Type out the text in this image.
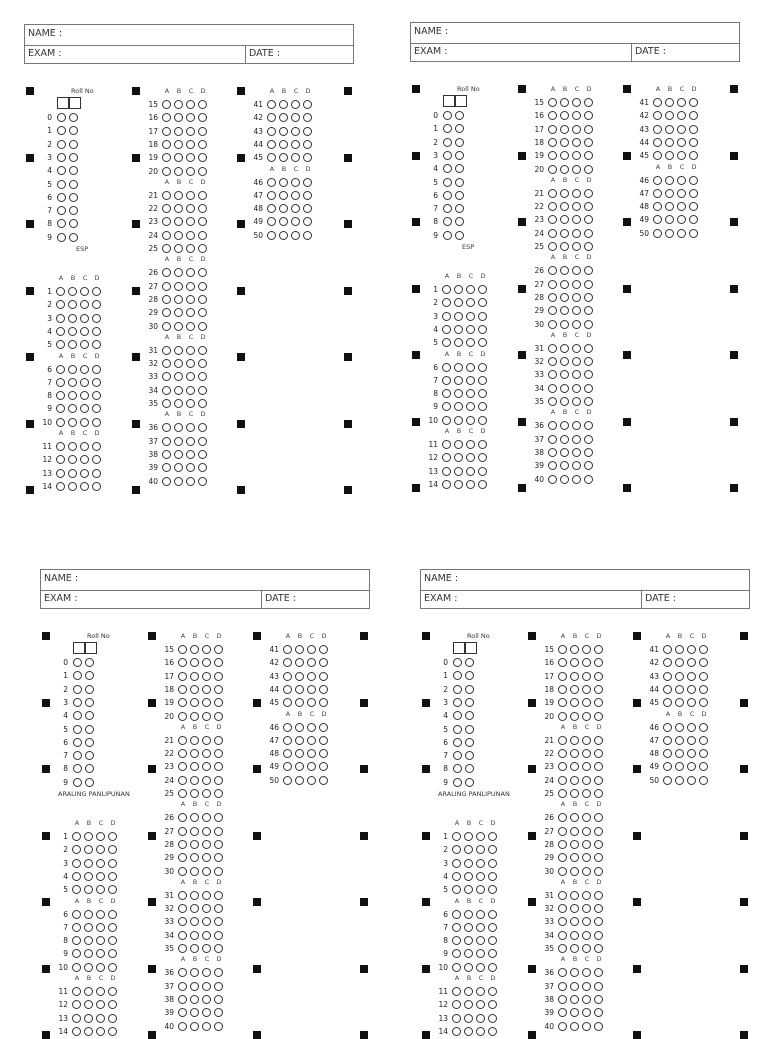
NAME :
EXAM :	DATE :
Roll No
0
1
2
3
4
5
6
7
8
9
ESP
A	B	C	D
1
2
3
4
5
A	B	C	D
6
7
8
9
10
A	B	C	D
11
12
13
14
A	B	C	D
15
16
17
18
19
20
A	B	C	D
21
22
23
24
25
A	B	C	D
26
27
28
29
30
A	B	C	D
31
32
33
34
35
A	B	C	D
36
37
38
39
40
A	B	C	D
41
42
43
44
45
A	B	C	D
46
47
48
49
50
NAME :
EXAM :	DATE :
Roll No
0
1
2
3
4
5
6
7
8
9
ESP
A	B	C	D
1
2
3
4
5
A	B	C	D
6
7
8
9
10
A	B	C	D
11
12
13
14
A	B	C	D
15
16
17
18
19
20
A	B	C	D
21
22
23
24
25
A	B	C	D
26
27
28
29
30
A	B	C	D
31
32
33
34
35
A	B	C	D
36
37
38
39
40
A	B	C	D
41
42
43
44
45
A	B	C	D
46
47
48
49
50
NAME :
EXAM :	DATE :
Roll No
0
1
2
3
4
5
6
7
8
9
ARALING PANLIPUNAN
A	B	C	D
1
2
3
4
5
A	B	C	D
6
7
8
9
10
A	B	C	D
11
12
13
14
A	B	C	D
15
16
17
18
19
20
A	B	C	D
21
22
23
24
25
A	B	C	D
26
27
28
29
30
A	B	C	D
31
32
33
34
35
A	B	C	D
36
37
38
39
40
A	B	C	D
41
42
43
44
45
A	B	C	D
46
47
48
49
50
NAME :
EXAM :	DATE :
Roll No
0
1
2
3
4
5
6
7
8
9
ARALING PANLIPUNAN
A	B	C	D
1
2
3
4
5
A	B	C	D
6
7
8
9
10
A	B	C	D
11
12
13
14
A	B	C	D
15
16
17
18
19
20
A	B	C	D
21
22
23
24
25
A	B	C	D
26
27
28
29
30
A	B	C	D
31
32
33
34
35
A	B	C	D
36
37
38
39
40
A	B	C	D
41
42
43
44
45
A	B	C	D
46
47
48
49
50
